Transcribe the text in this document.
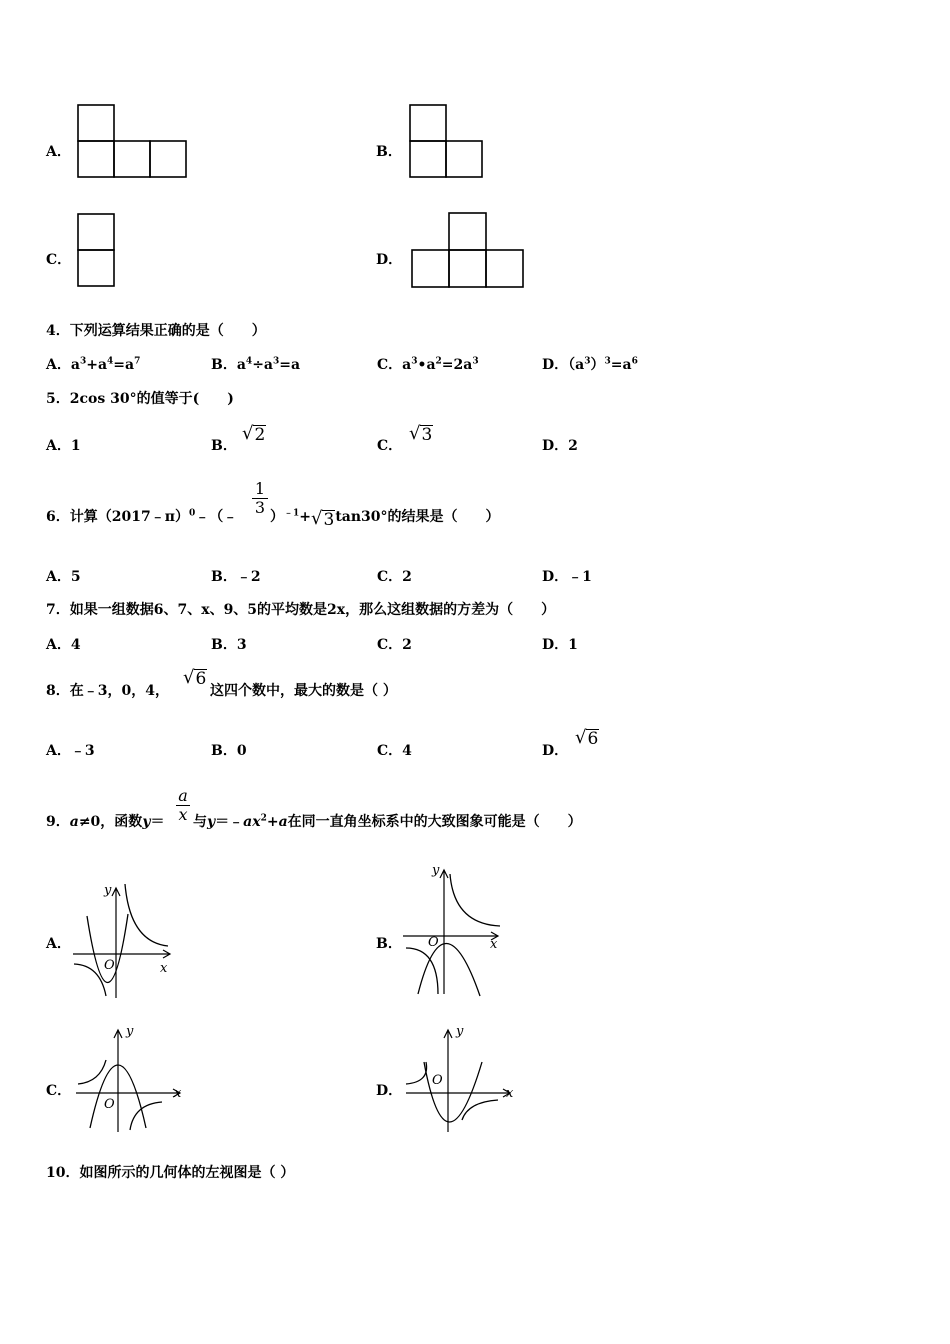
A．	B．
C．	D．
4．下列运算结果正确的是（　　）
A．$a^3+a^4=a^7$	B．$a^4\div a^3=a$	C．$a^3•a^2=2a^3$	D．$(a^3)^3=a^6$
5．2cos 30°的值等于(　　)
A．1	B．
√ 2
C．
√ 3
D．2
6．计算（2017﹣π）$^0$﹣（﹣ $\frac{1}{3} )^{﹣1}+$ √ 3 tan30°的结果是（　　）
A．5	B．﹣2	C．2	D．﹣1
7．如果一组数据6、7、x、9、5的平均数是2x，那么这组数据的方差为（　　）
A．4	B．3	C．2	D．1
8．在﹣3，0，4，
√ 6
这四个数中，最大的数是（ ）
A．﹣3	B．0	C．4	D．
√ 6
9．a≠0，函数$y= \frac{a}{x}$ 与$y=﹣ax^2+a$在同一直角坐标系中的大致图象可能是（　　）
A．
y
x
O
B．
y
x
O
C．
y
x
O
D．
y
x
O
10．如图所示的几何体的左视图是（ ）
